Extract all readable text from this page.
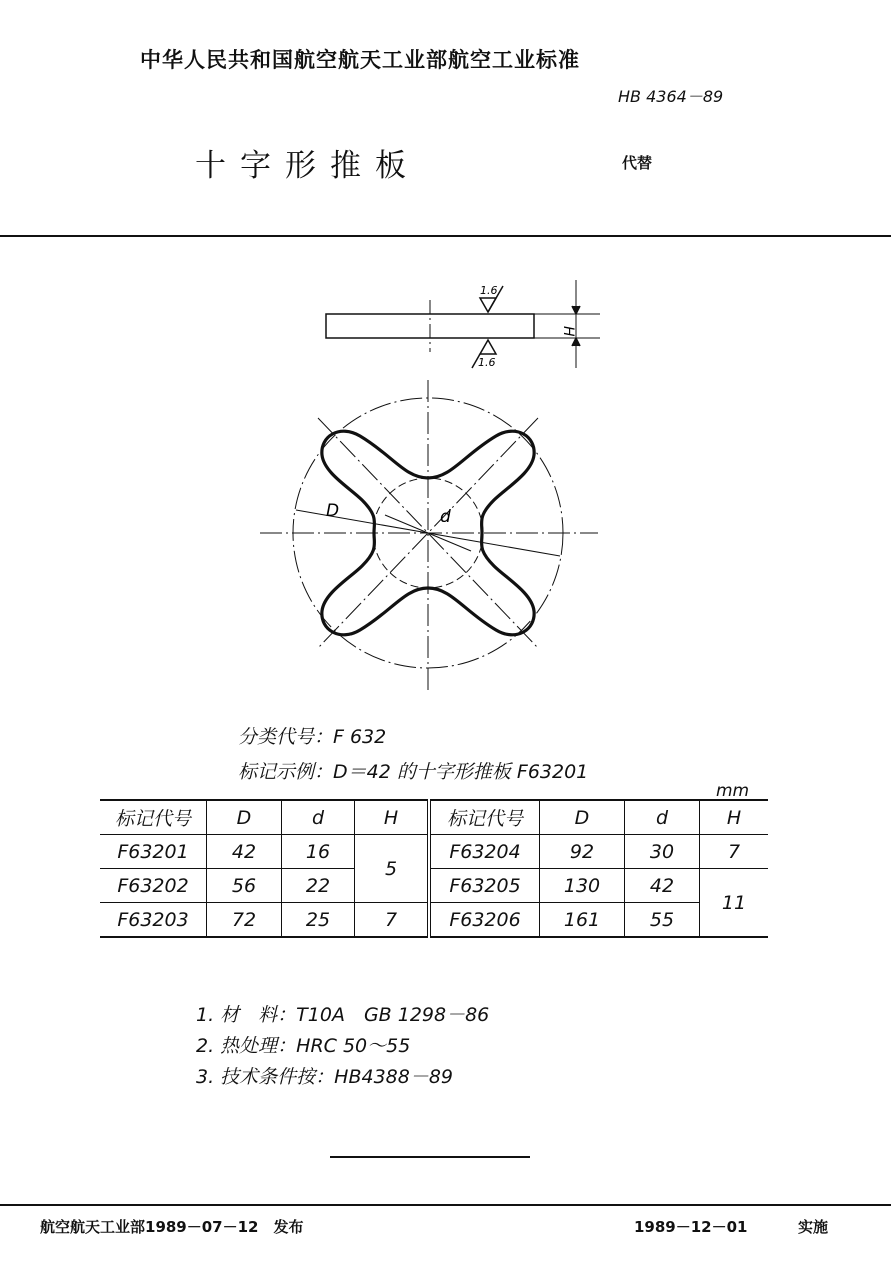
中华人民共和国航空航天工业部航空工业标准
HB 4364－89
十字形推板	代替
1.6
1.6
H
D	d
分类代号：F 632
标记示例：D＝42 的十字形推板 F63201
mm
标记代号	D	d	H	标记代号	D	d	H
F63201	42	16	5	F63204	92	30	7
F63202	56	22		F63205	130	42	11
F63203	72	25	7	F63206	161	55	
1. 材　料：T10A　GB 1298－86
2. 热处理：HRC 50～55
3. 技术条件按：HB4388－89
航空航天工业部1989－07－12　发布	1989－12－01	实施
